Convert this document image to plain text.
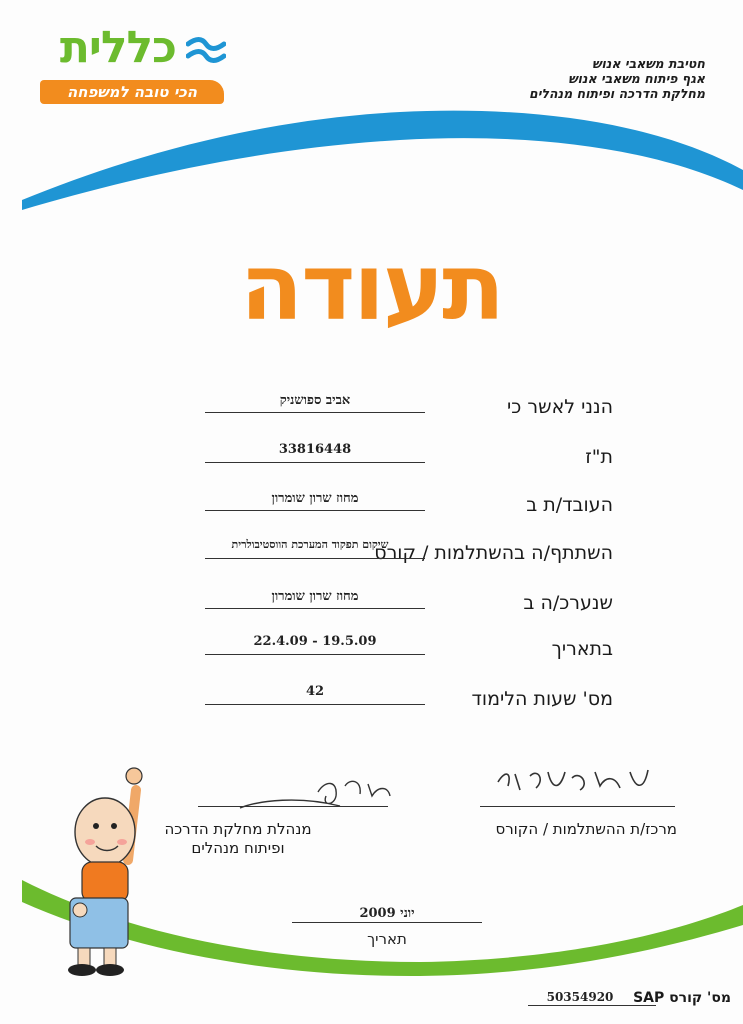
כללית
הכי טובה למשפחה
חטיבת משאבי אנוש
אגף פיתוח משאבי אנוש
מחלקת הדרכה ופיתוח מנהלים
תעודה
הנני לאשר כי
אביב ספושניק
ת"ז
33816448
העובד/ת ב
מחוז שרון שומרון
השתתף/ה בהשתלמות / קורס
שיקום תפקוד המערכת הווסטיבולרית
שנערכ/ה ב
מחוז שרון שומרון
בתאריך
22.4.09 - 19.5.09
מס' שעות הלימוד
42
מרכז/ת ההשתלמות / הקורס
מנהלת מחלקת הדרכה
ופיתוח מנהלים
יוני 2009
תאריך
מס' קורס SAP
50354920
